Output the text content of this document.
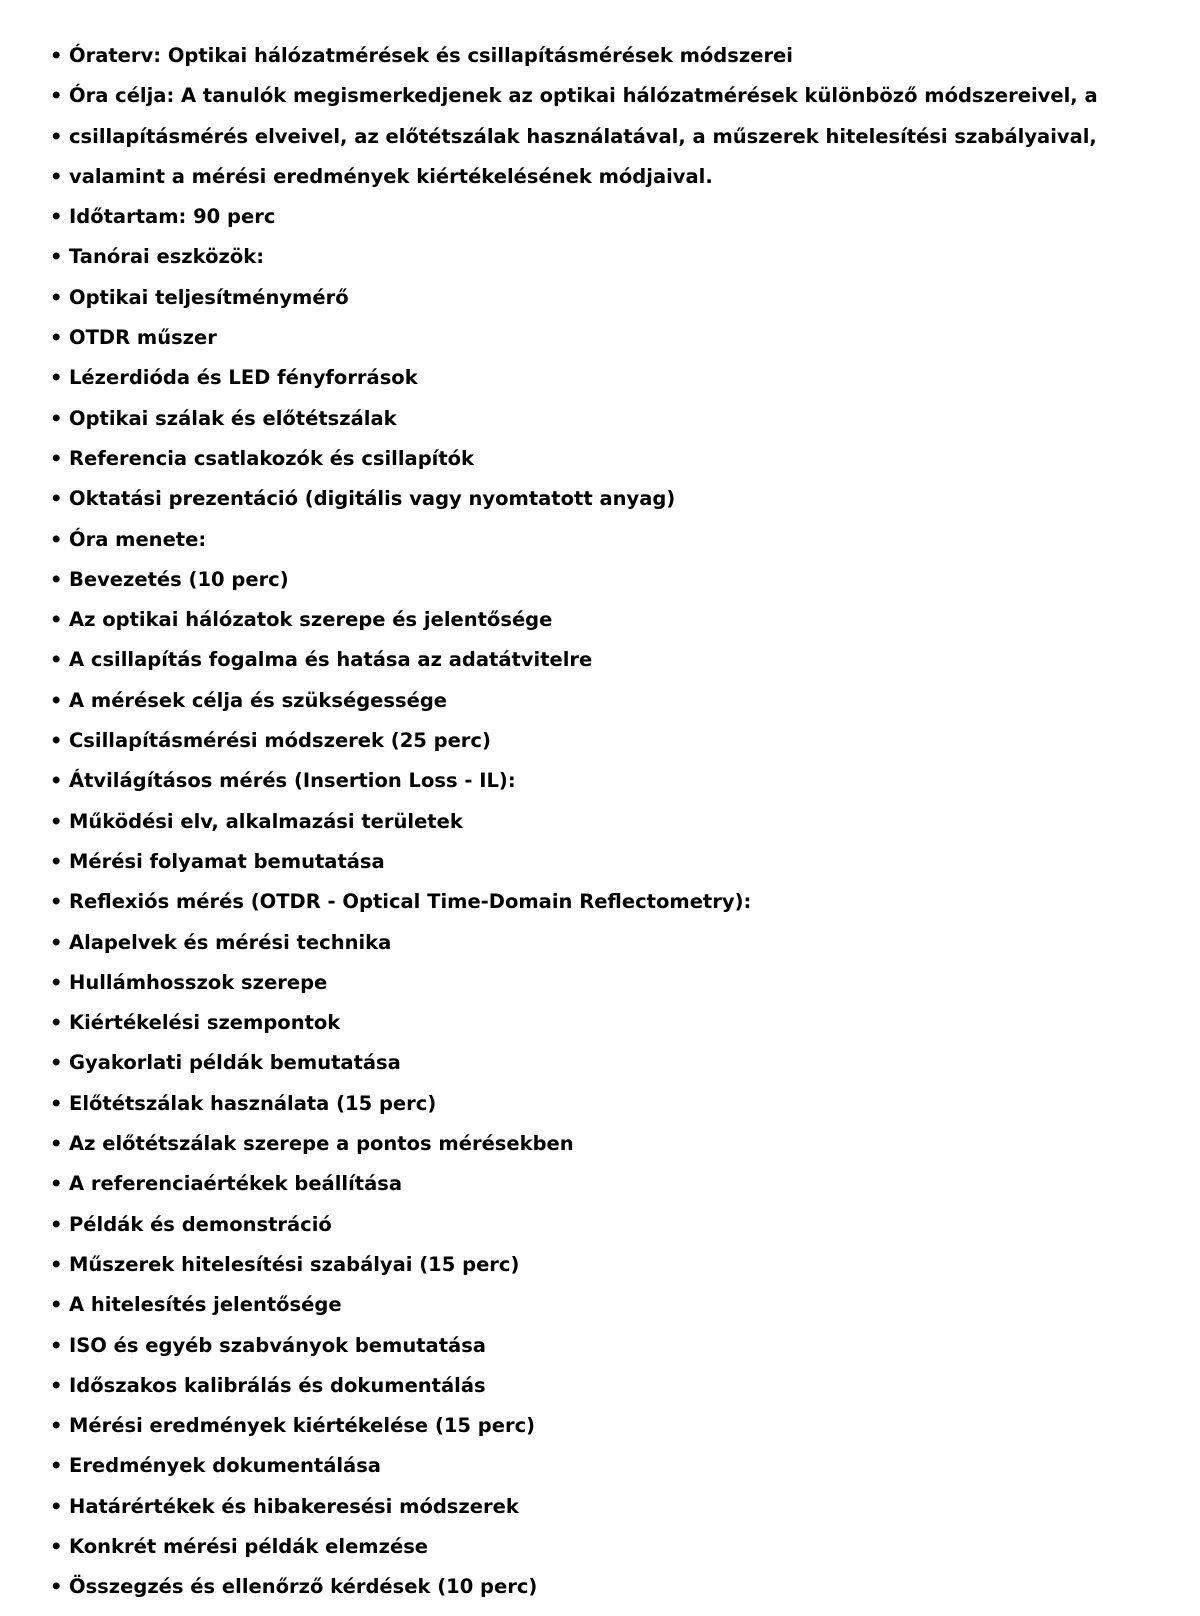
• Óraterv: Optikai hálózatmérések és csillapításmérések módszerei
• Óra célja: A tanulók megismerkedjenek az optikai hálózatmérések különböző módszereivel, a
• csillapításmérés elveivel, az előtétszálak használatával, a műszerek hitelesítési szabályaival,
• valamint a mérési eredmények kiértékelésének módjaival.
• Időtartam: 90 perc
• Tanórai eszközök:
• Optikai teljesítménymérő
• OTDR műszer
• Lézerdióda és LED fényforrások
• Optikai szálak és előtétszálak
• Referencia csatlakozók és csillapítók
• Oktatási prezentáció (digitális vagy nyomtatott anyag)
• Óra menete:
• Bevezetés (10 perc)
• Az optikai hálózatok szerepe és jelentősége
• A csillapítás fogalma és hatása az adatátvitelre
• A mérések célja és szükségessége
• Csillapításmérési módszerek (25 perc)
• Átvilágításos mérés (Insertion Loss - IL):
• Működési elv, alkalmazási területek
• Mérési folyamat bemutatása
• Reflexiós mérés (OTDR - Optical Time-Domain Reflectometry):
• Alapelvek és mérési technika
• Hullámhosszok szerepe
• Kiértékelési szempontok
• Gyakorlati példák bemutatása
• Előtétszálak használata (15 perc)
• Az előtétszálak szerepe a pontos mérésekben
• A referenciaértékek beállítása
• Példák és demonstráció
• Műszerek hitelesítési szabályai (15 perc)
• A hitelesítés jelentősége
• ISO és egyéb szabványok bemutatása
• Időszakos kalibrálás és dokumentálás
• Mérési eredmények kiértékelése (15 perc)
• Eredmények dokumentálása
• Határértékek és hibakeresési módszerek
• Konkrét mérési példák elemzése
• Összegzés és ellenőrző kérdések (10 perc)
